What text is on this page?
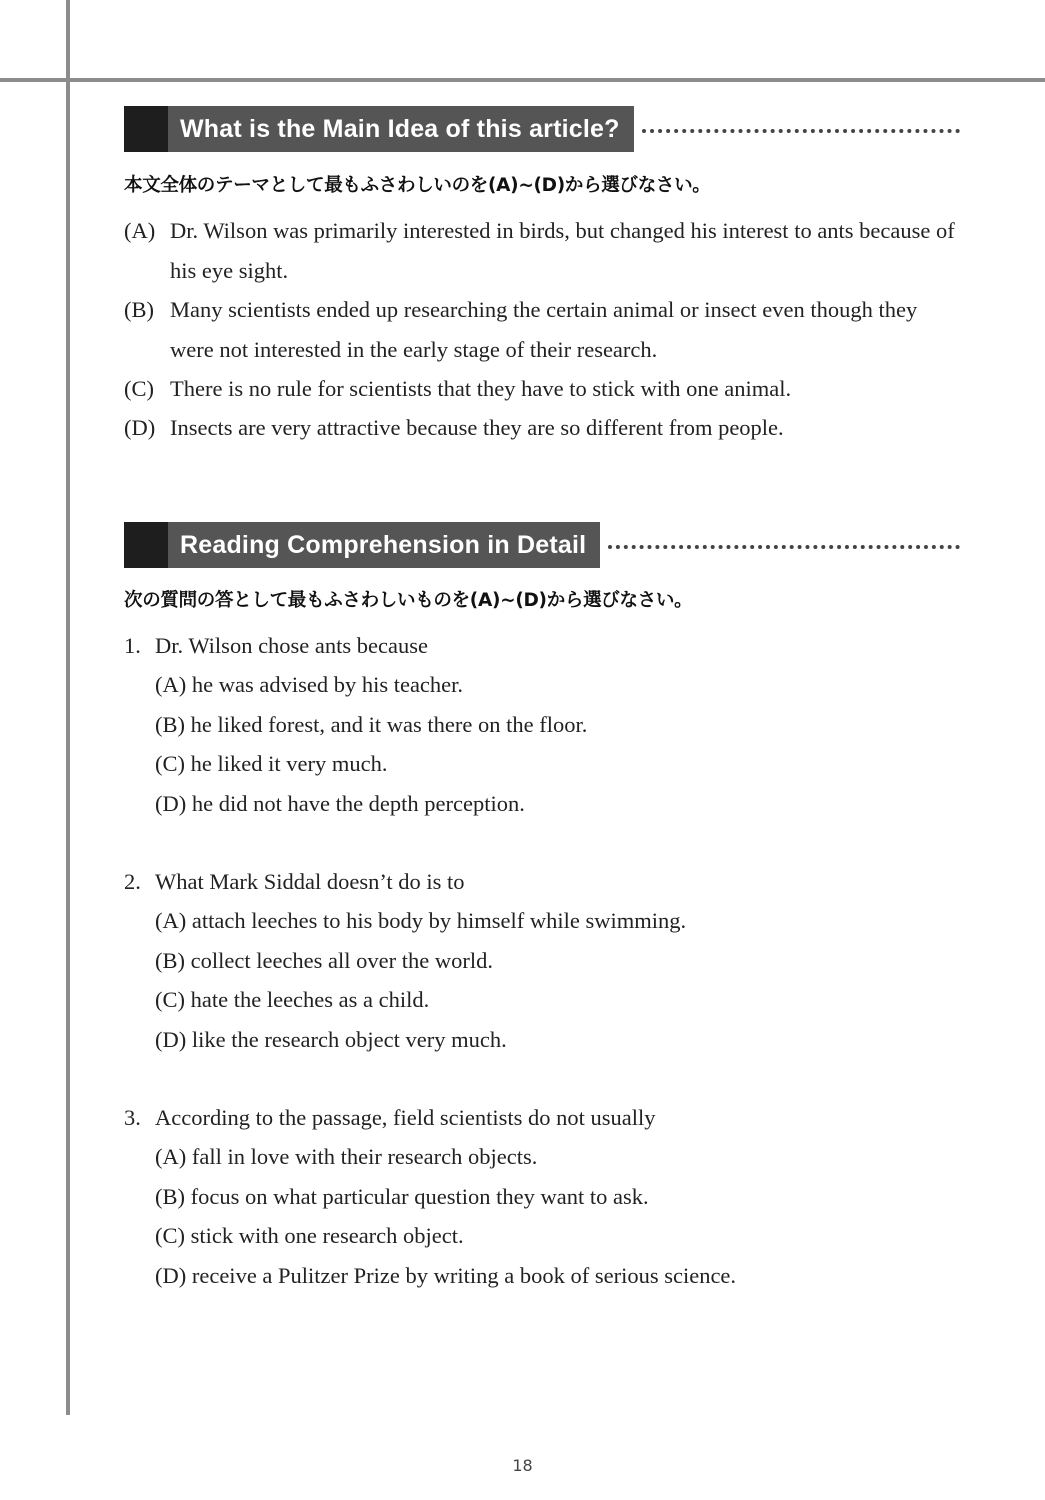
What is the Main Idea of this article?
本文全体のテーマとして最もふさわしいのを(A)~(D)から選びなさい。
(A) Dr. Wilson was primarily interested in birds, but changed his interest to ants because of his eye sight.
(B) Many scientists ended up researching the certain animal or insect even though they were not interested in the early stage of their research.
(C) There is no rule for scientists that they have to stick with one animal.
(D) Insects are very attractive because they are so different from people.
Reading Comprehension in Detail
次の質問の答として最もふさわしいものを(A)~(D)から選びなさい。
1. Dr. Wilson chose ants because
(A) he was advised by his teacher.
(B) he liked forest, and it was there on the floor.
(C) he liked it very much.
(D) he did not have the depth perception.
2. What Mark Siddal doesn’t do is to
(A) attach leeches to his body by himself while swimming.
(B) collect leeches all over the world.
(C) hate the leeches as a child.
(D) like the research object very much.
3. According to the passage, field scientists do not usually
(A) fall in love with their research objects.
(B) focus on what particular question they want to ask.
(C) stick with one research object.
(D) receive a Pulitzer Prize by writing a book of serious science.
18
